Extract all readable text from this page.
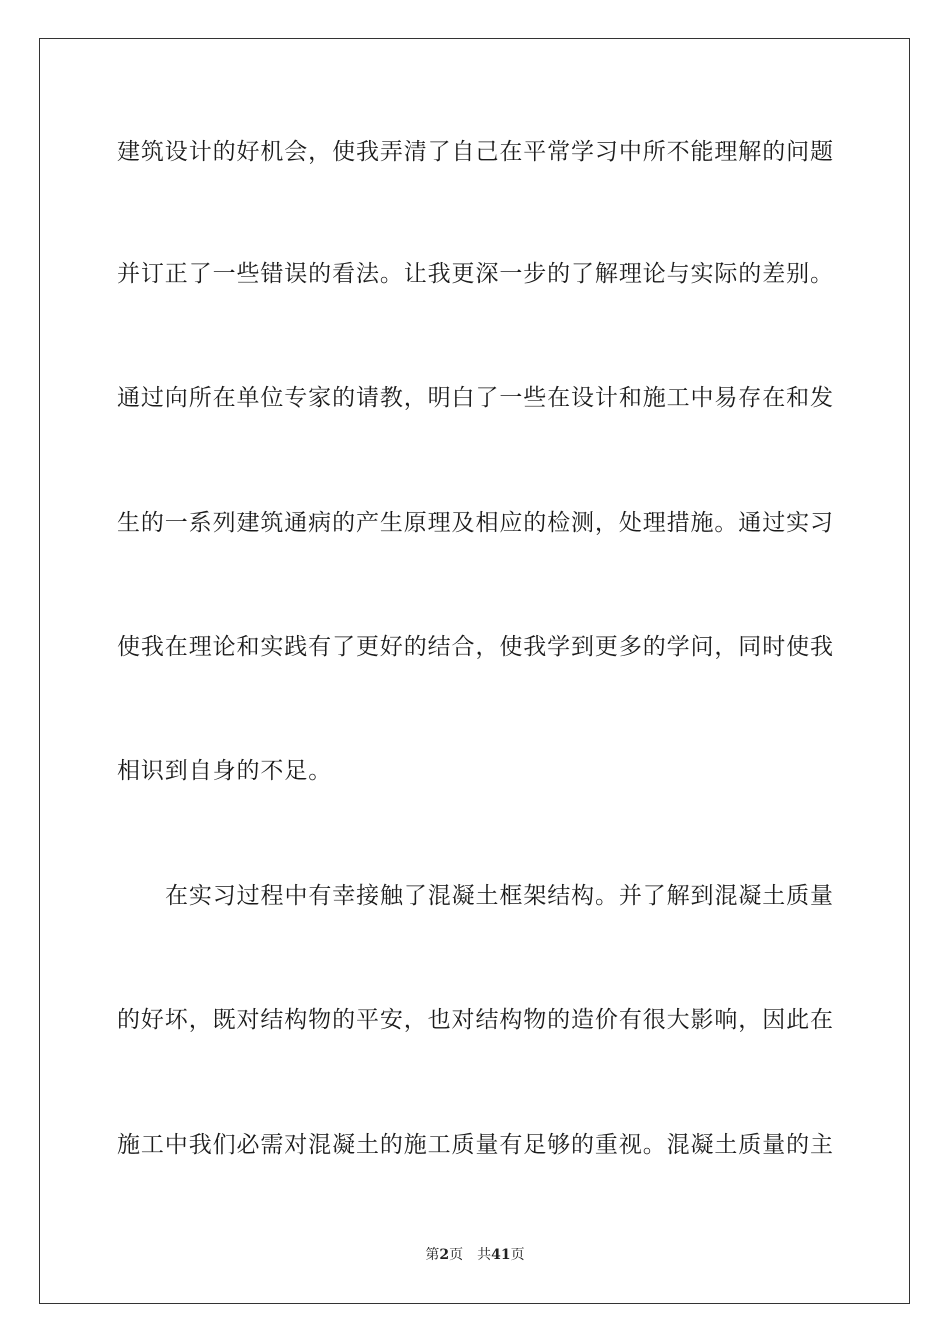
建筑设计的好机会，使我弄清了自己在平常学习中所不能理解的问题
并订正了一些错误的看法。让我更深一步的了解理论与实际的差别。
通过向所在单位专家的请教，明白了一些在设计和施工中易存在和发
生的一系列建筑通病的产生原理及相应的检测，处理措施。通过实习
使我在理论和实践有了更好的结合，使我学到更多的学问，同时使我
相识到自身的不足。
在实习过程中有幸接触了混凝土框架结构。并了解到混凝土质量
的好坏，既对结构物的平安，也对结构物的造价有很大影响，因此在
施工中我们必需对混凝土的施工质量有足够的重视。混凝土质量的主
第2页 共41页
